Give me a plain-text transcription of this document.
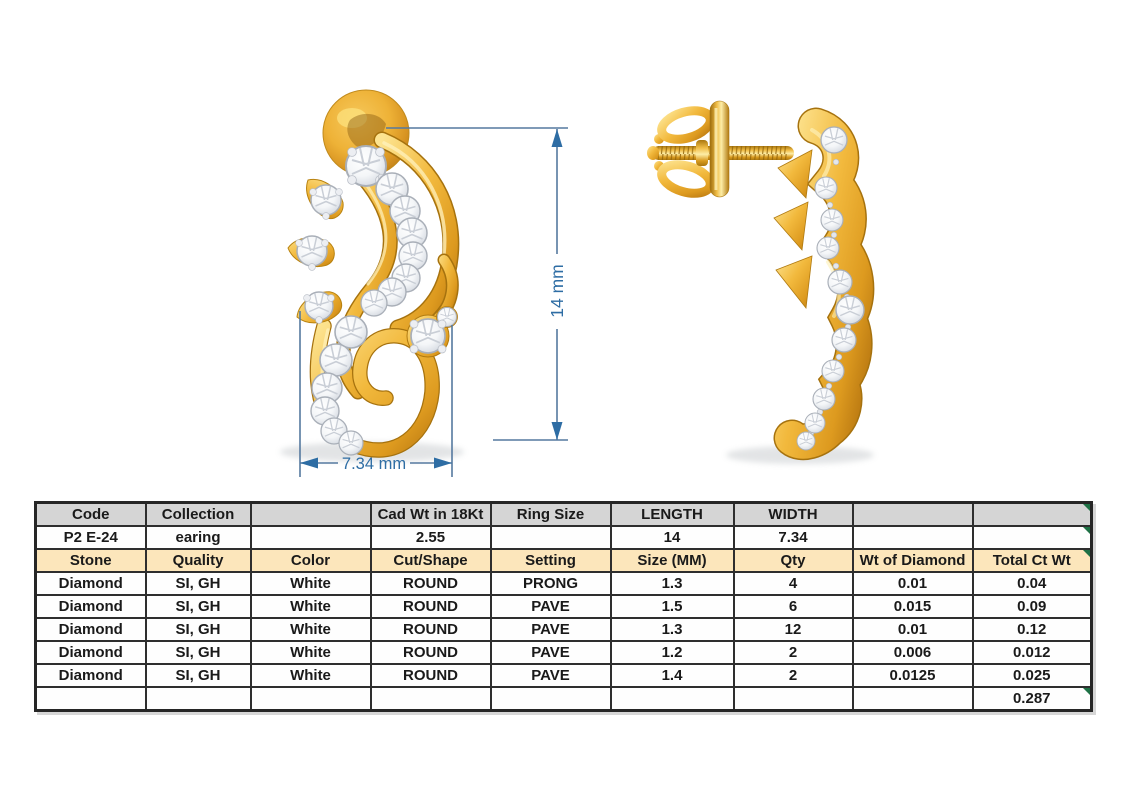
14 mm
7.34 mm
Code	Collection		Cad Wt in 18Kt	Ring Size	LENGTH	WIDTH		
P2 E-24	earing		2.55		14	7.34		
Stone	Quality	Color	Cut/Shape	Setting	Size (MM)	Qty	Wt of Diamond	Total Ct Wt
Diamond	SI, GH	White	ROUND	PRONG	1.3	4	0.01	0.04
Diamond	SI, GH	White	ROUND	PAVE	1.5	6	0.015	0.09
Diamond	SI, GH	White	ROUND	PAVE	1.3	12	0.01	0.12
Diamond	SI, GH	White	ROUND	PAVE	1.2	2	0.006	0.012
Diamond	SI, GH	White	ROUND	PAVE	1.4	2	0.0125	0.025
								0.287
